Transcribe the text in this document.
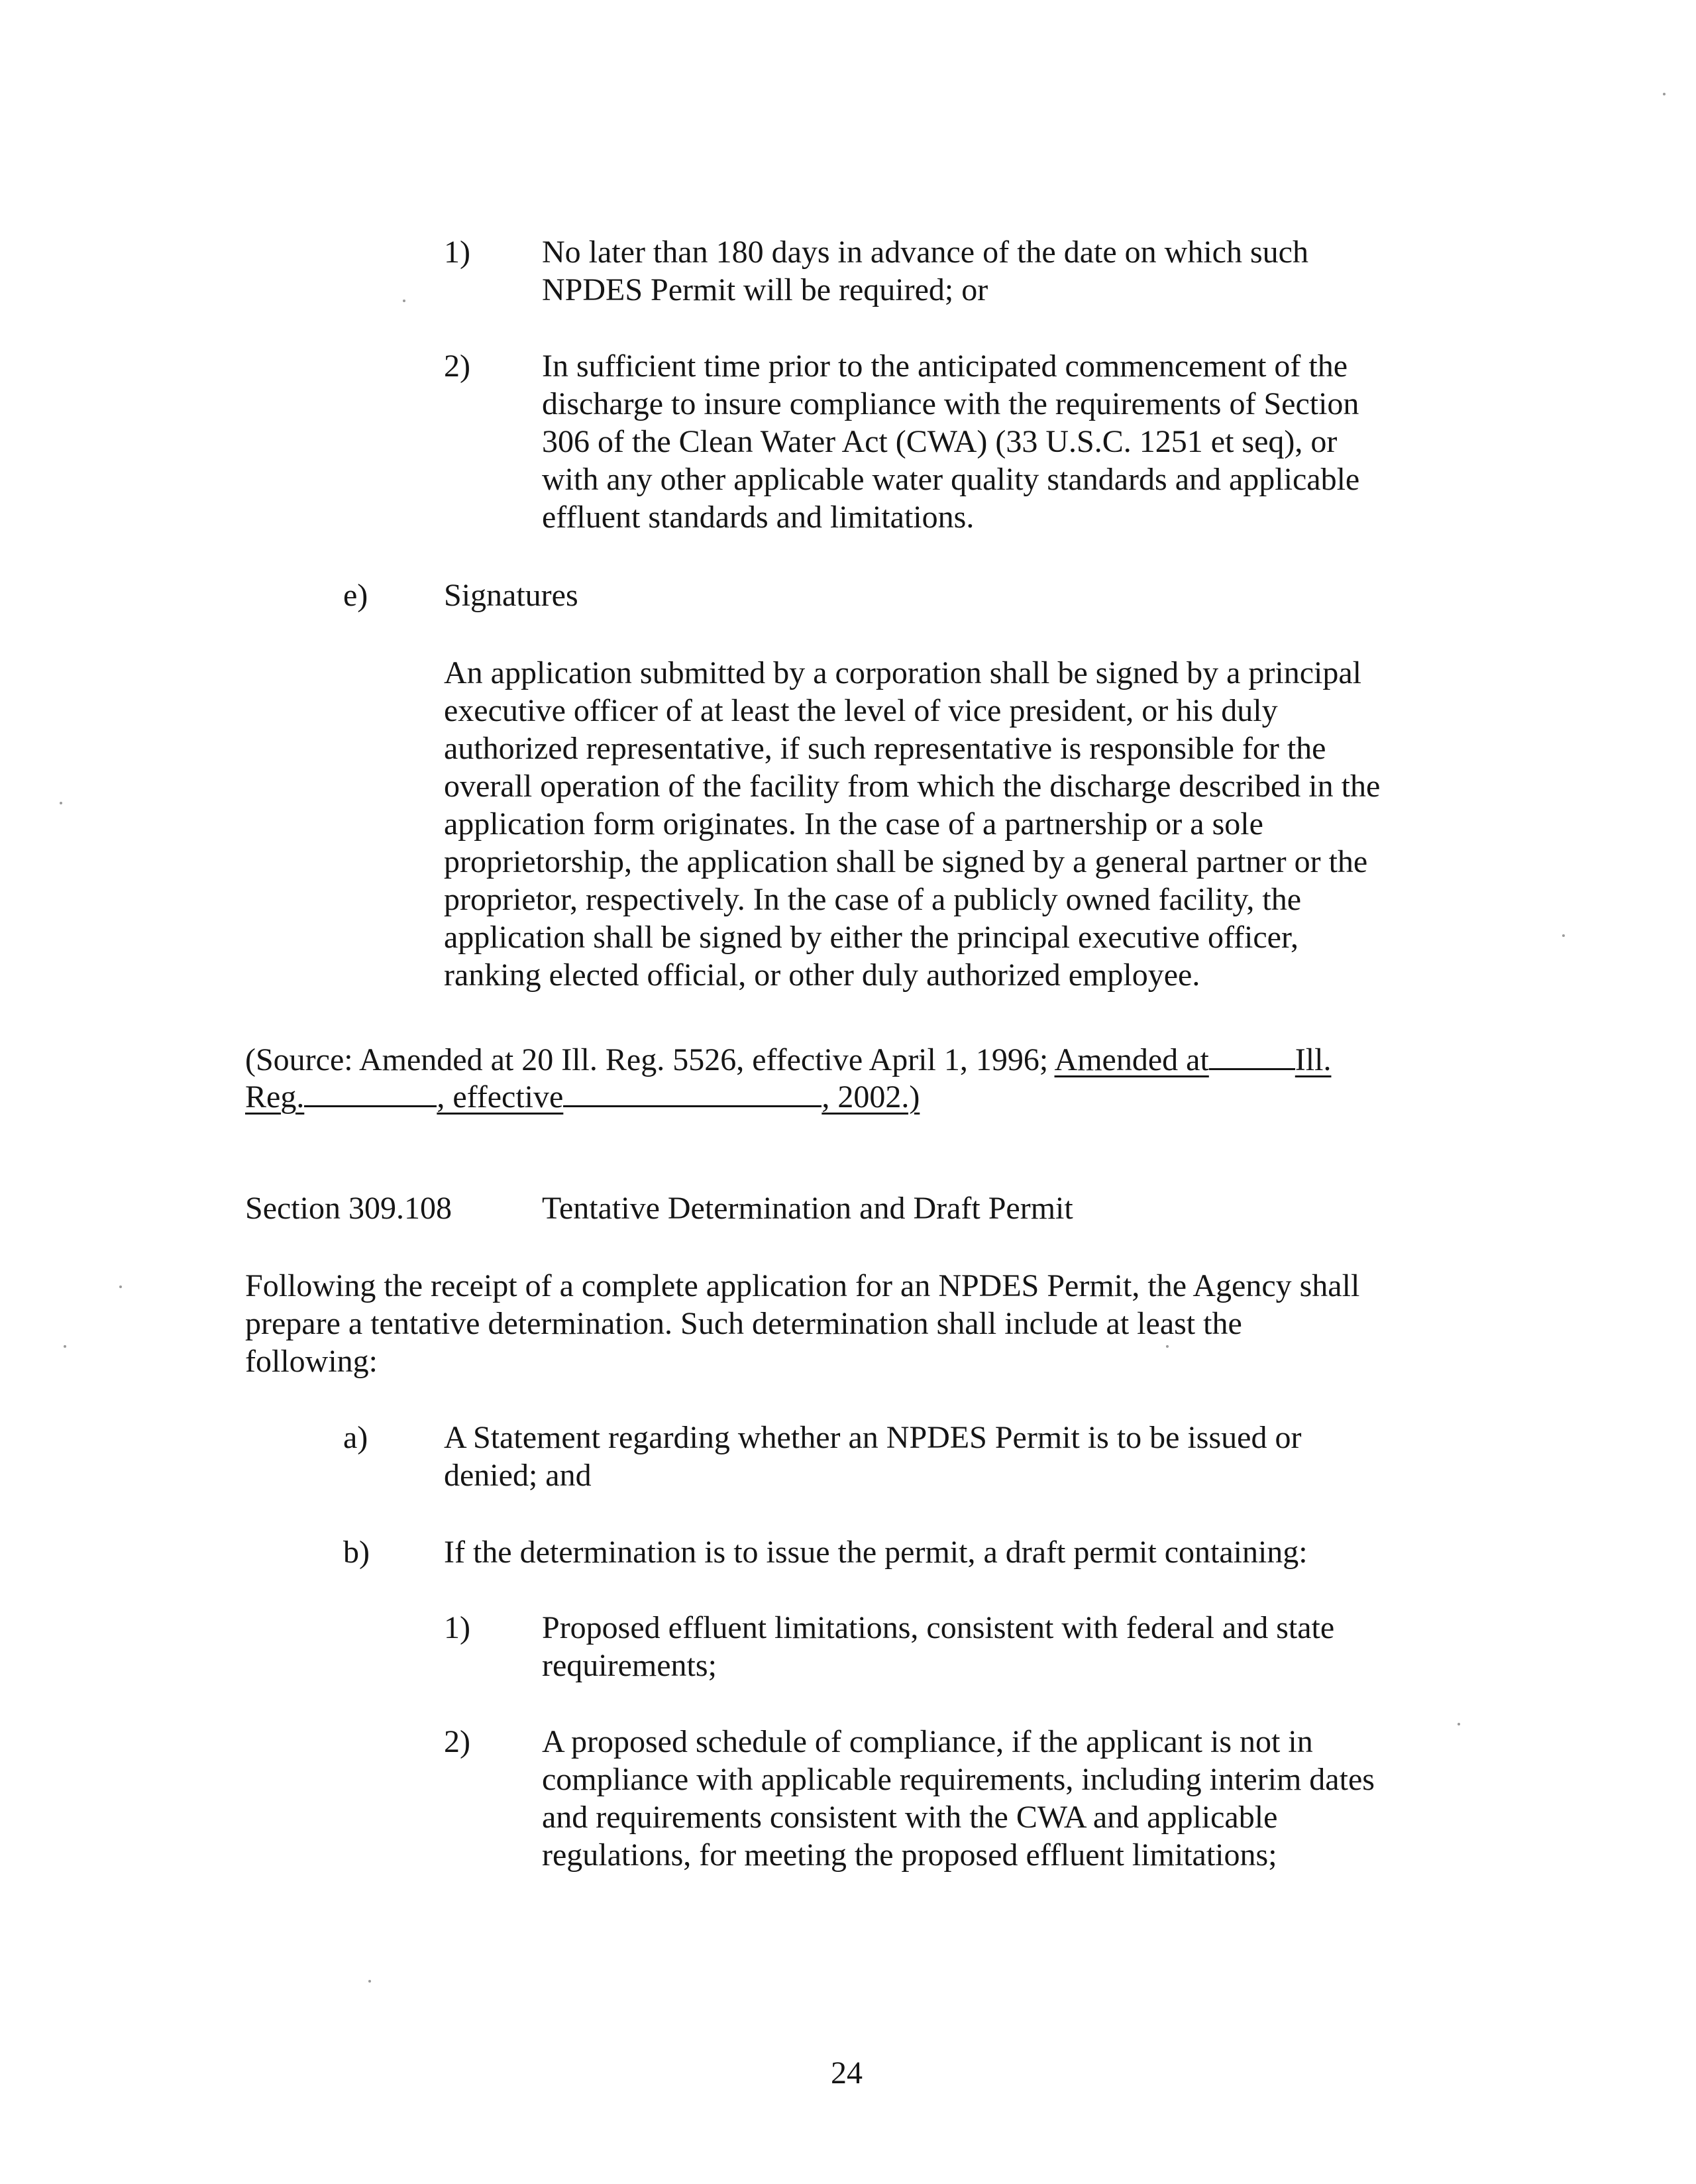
1) No later than 180 days in advance of the date on which such
NPDES Permit will be required; or
2) In sufficient time prior to the anticipated commencement of the
discharge to insure compliance with the requirements of Section
306 of the Clean Water Act (CWA) (33 U.S.C. 1251 et seq), or
with any other applicable water quality standards and applicable
effluent standards and limitations.
e) Signatures
An application submitted by a corporation shall be signed by a principal
executive officer of at least the level of vice president, or his duly
authorized representative, if such representative is responsible for the
overall operation of the facility from which the discharge described in the
application form originates. In the case of a partnership or a sole
proprietorship, the application shall be signed by a general partner or the
proprietor, respectively. In the case of a publicly owned facility, the
application shall be signed by either the principal executive officer,
ranking elected official, or other duly authorized employee.
(Source: Amended at 20 Ill. Reg. 5526, effective April 1, 1996; Amended at	Ill.
Reg.	, effective	, 2002.)
Section 309.108	Tentative Determination and Draft Permit
Following the receipt of a complete application for an NPDES Permit, the Agency shall
prepare a tentative determination. Such determination shall include at least the
following:
a) A Statement regarding whether an NPDES Permit is to be issued or
denied; and
b) If the determination is to issue the permit, a draft permit containing:
1) Proposed effluent limitations, consistent with federal and state
requirements;
2) A proposed schedule of compliance, if the applicant is not in
compliance with applicable requirements, including interim dates
and requirements consistent with the CWA and applicable
regulations, for meeting the proposed effluent limitations;
24
